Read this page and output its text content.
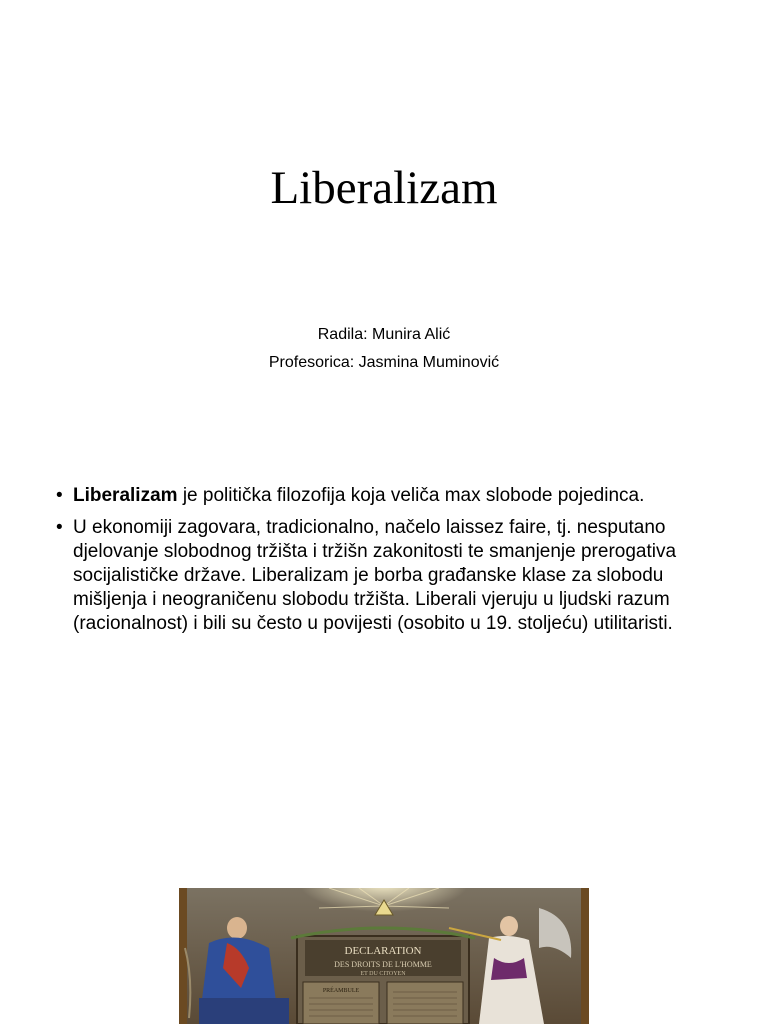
Liberalizam
Radila: Munira Alić
Profesorica: Jasmina Muminović
• Liberalizam je politička filozofija koja veliča max slobode pojedinca.
• U ekonomiji zagovara, tradicionalno, načelo laissez faire, tj. nesputano djelovanje slobodnog tržišta i tržišn zakonitosti te smanjenje prerogativa socijalističke države. Liberalizam je borba građanske klase za slobodu mišljenja i neograničenu slobodu tržišta. Liberali vjeruju u ljudski razum (racionalnost) i bili su često u povijesti (osobito u 19. stoljeću) utilitaristi.
DECLARATION
DES DROITS DE L'HOMME
ET DU CITOYEN
PRÉAMBULE
